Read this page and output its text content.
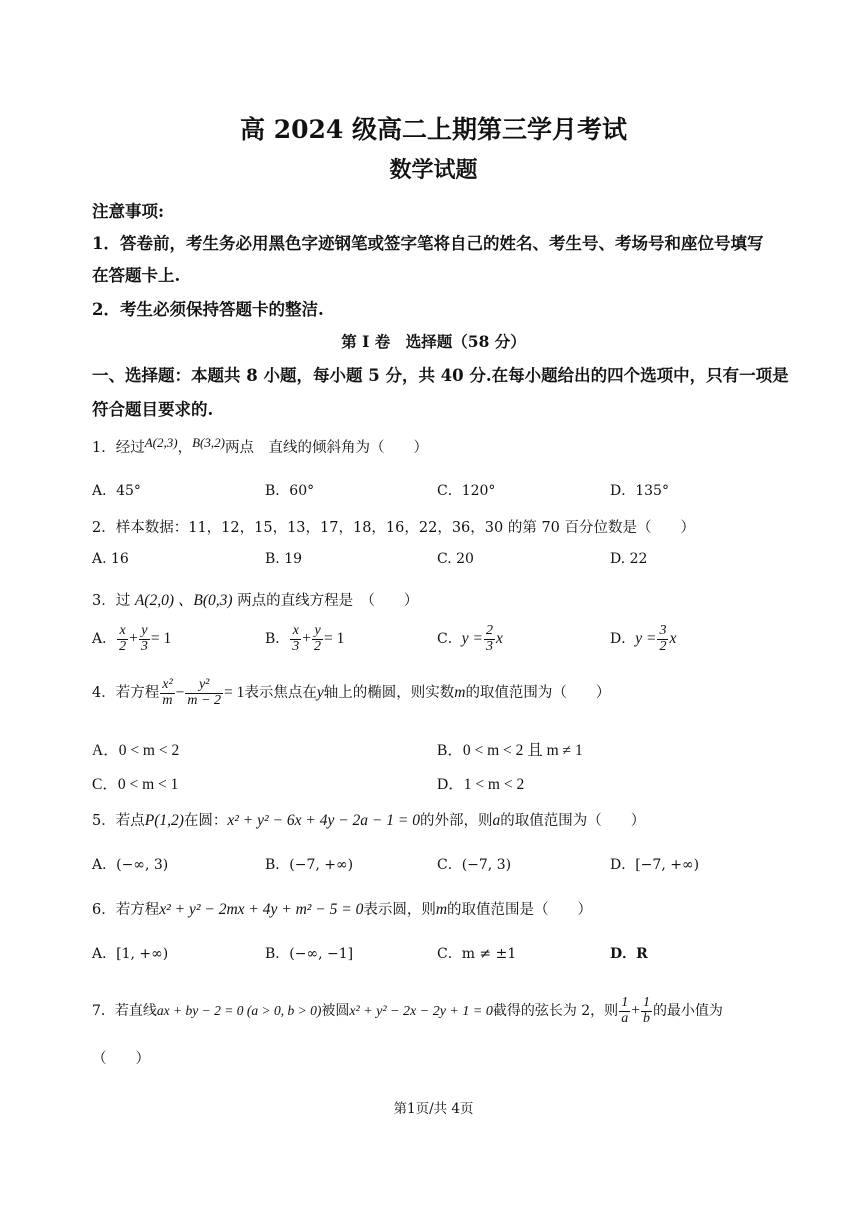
高 2024 级高二上期第三学月考试
数学试题
注意事项:
1．答卷前，考生务必用黑色字迹钢笔或签字笔将自己的姓名、考生号、考场号和座位号填写
在答题卡上.
2．考生必须保持答题卡的整洁.
第 I 卷　选择题（58 分）
一、选择题：本题共 8 小题，每小题 5 分，共 40 分.在每小题给出的四个选项中，只有一项是
符合题目要求的.
1．经过A(2,3)，B(3,2)两点　直线的倾斜角为（　　）
A．45°	B．60°	C．120°	D．135°
2．样本数据：11，12，15，13，17，18，16，22，36，30 的第 70 百分位数是（　　）
A. 16	B. 19	C. 20	D. 22
3．过 A(2,0) 、B(0,3) 两点的直线方程是　（　　）
A． $\frac{x}{2} + \frac{y}{3} = 1$	B． $\frac{x}{3} + \frac{y}{2} = 1$	C．$y = \frac{2}{3}$ x	D．$y = \frac{3}{2}$ x
4．若方程 $\frac{\text{x²}}{m} - \frac{\text{y²}}{m - 2} = 1$表示焦点在y轴上的椭圆，则实数m的取值范围为（　　）
A．0 < m < 2	B．0 < m < 2 且 m ≠ 1
C．0 < m < 1	D．1 < m < 2
5．若点P(1,2)在圆：x² + y² − 6x + 4y − 2a − 1 = 0的外部，则a的取值范围为（　　）
A．(−∞, 3)	B．(−7, +∞)	C．(−7, 3)	D．[−7, +∞)
6．若方程x² + y² − 2mx + 4y + m² − 5 = 0表示圆，则m的取值范围是（　　）
A．[1, +∞)	B．(−∞, −1]	C．m ≠ ±1	D．R
7．若直线ax + by − 2 = 0 (a > 0, b > 0)被圆x² + y² − 2x − 2y + 1 = 0截得的弦长为 2，则 $\frac{1}{a} + \frac{1}{b}$ 的最小值为
（　　）
第1页/共 4页
